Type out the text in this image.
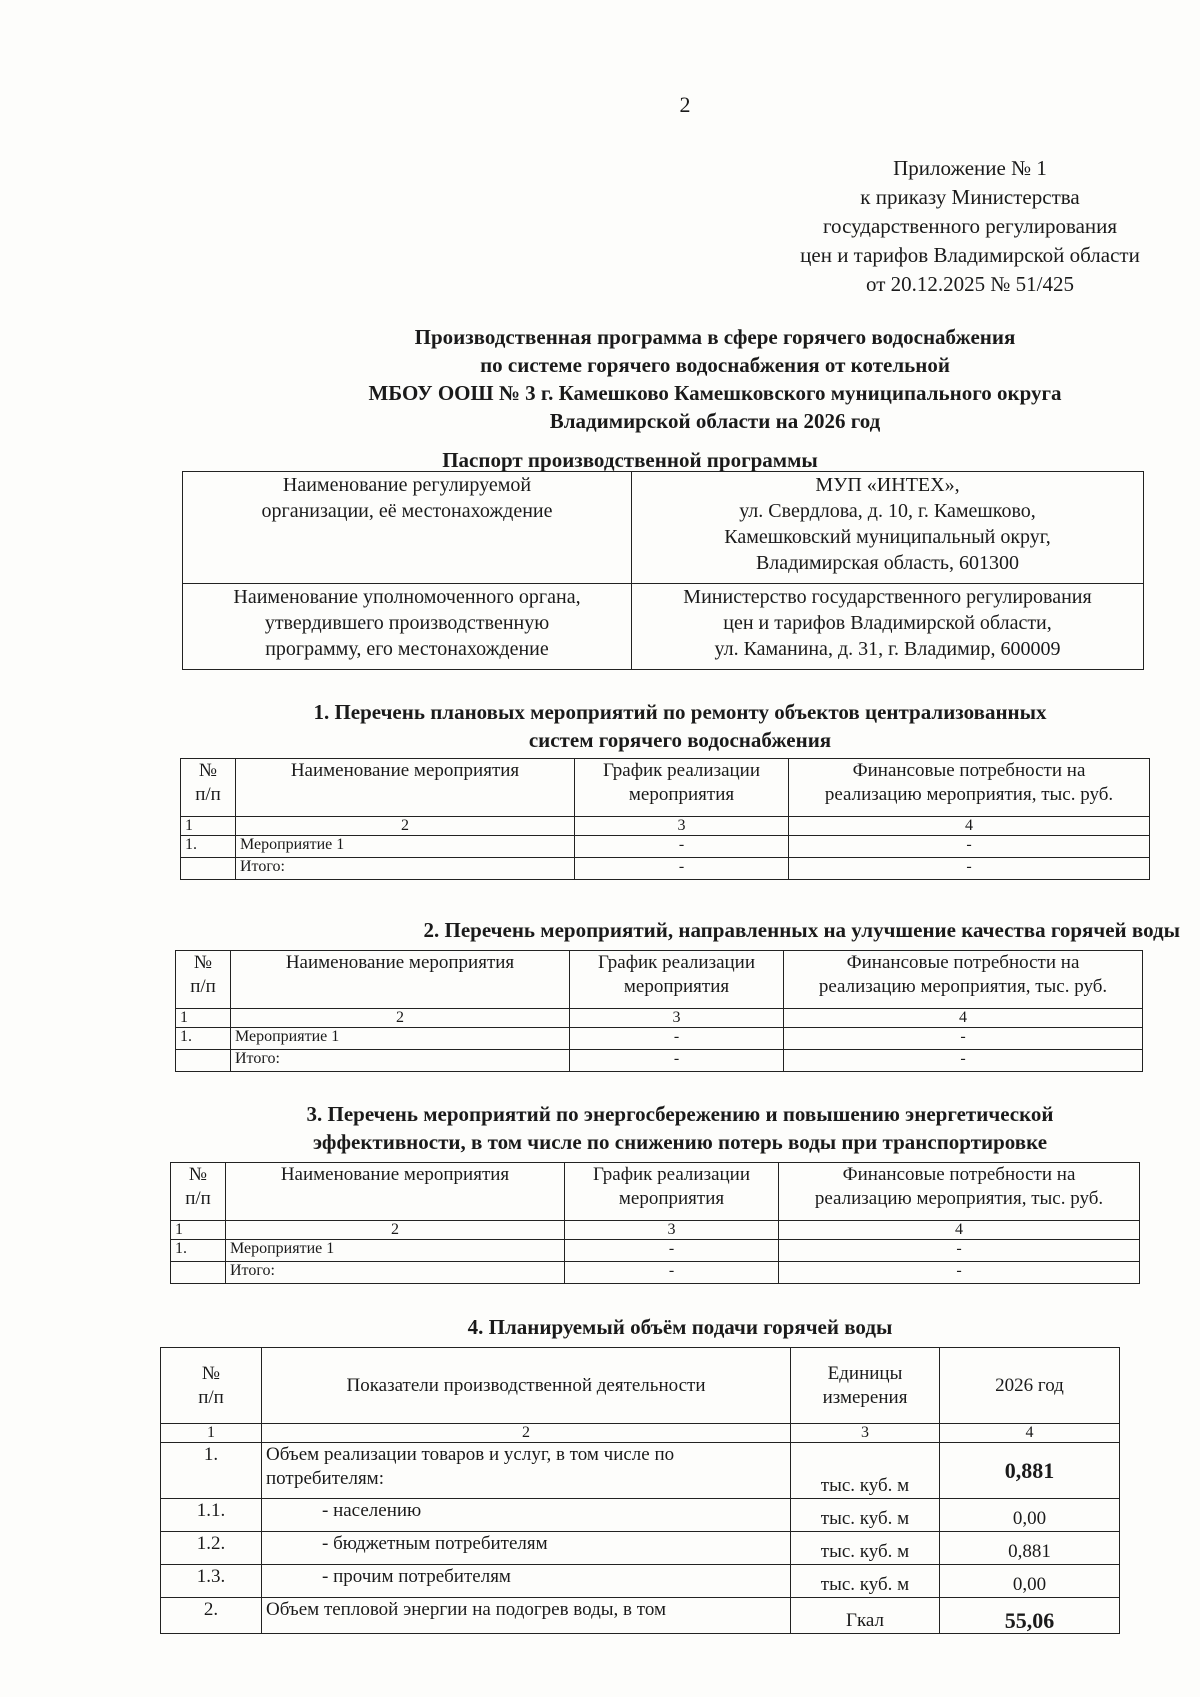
2
Приложение № 1
к приказу Министерства
государственного регулирования
цен и тарифов Владимирской области
от 20.12.2025 № 51/425
Производственная программа в сфере горячего водоснабжения
по системе горячего водоснабжения от котельной
МБОУ ООШ № 3 г. Камешково Камешковского муниципального округа
Владимирской области на 2026 год
Паспорт производственной программы
Наименование регулируемой
организации, её местонахождение	МУП «ИНТЕХ»,
ул. Свердлова, д. 10, г. Камешково,
Камешковский муниципальный округ,
Владимирская область, 601300

Наименование уполномоченного органа,
утвердившего производственную
программу, его местонахождение	Министерство государственного регулирования
цен и тарифов Владимирской области,
ул. Каманина, д. 31, г. Владимир, 600009
1. Перечень плановых мероприятий по ремонту объектов централизованных
систем горячего водоснабжения
№
п/п	Наименование мероприятия	График реализации
мероприятия	Финансовые потребности на
реализацию мероприятия, тыс. руб.

1	2	3	4
1.	Мероприятие 1	-	-
	Итого:	-	-
2. Перечень мероприятий, направленных на улучшение качества горячей воды
№
п/п	Наименование мероприятия	График реализации
мероприятия	Финансовые потребности на
реализацию мероприятия, тыс. руб.

1	2	3	4
1.	Мероприятие 1	-	-
	Итого:	-	-
3. Перечень мероприятий по энергосбережению и повышению энергетической
эффективности, в том числе по снижению потерь воды при транспортировке
№
п/п	Наименование мероприятия	График реализации
мероприятия	Финансовые потребности на
реализацию мероприятия, тыс. руб.

1	2	3	4
1.	Мероприятие 1	-	-
	Итого:	-	-
4. Планируемый объём подачи горячей воды
№
п/п	Показатели производственной деятельности	Единицы
измерения	2026 год
1	2	3	4
1.	Объем реализации товаров и услуг, в том числе по
потребителям:	тыс. куб. м	0,881
1.1.	- населению	тыс. куб. м	0,00
1.2.	- бюджетным потребителям	тыс. куб. м	0,881
1.3.	- прочим потребителям	тыс. куб. м	0,00
2.	Объем тепловой энергии на подогрев воды, в том	Гкал	55,06
